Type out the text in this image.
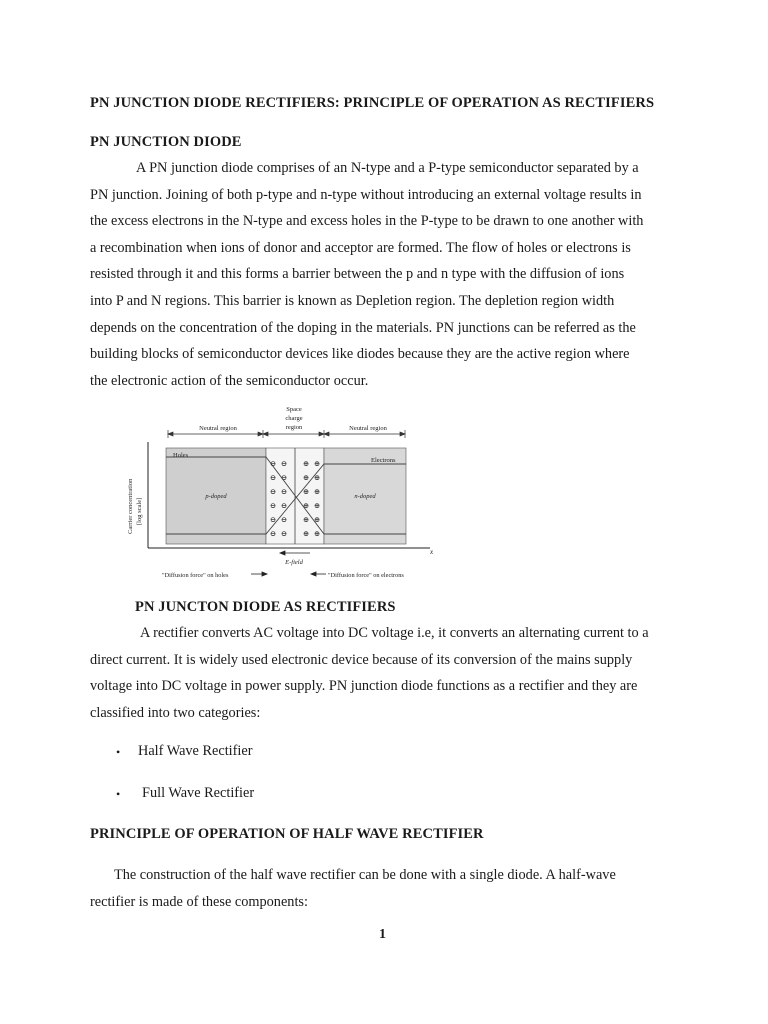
PN JUNCTION DIODE RECTIFIERS: PRINCIPLE OF OPERATION AS RECTIFIERS
PN JUNCTION DIODE
A PN junction diode comprises of an N-type and a P-type semiconductor separated by a
PN junction. Joining of both p-type and n-type without introducing an external voltage results in
the excess electrons in the N-type and excess holes in the P-type to be drawn to one another with
a recombination when ions of donor and acceptor are formed. The flow of holes or electrons is
resisted through it and this forms a barrier between the p and n type with the diffusion of ions
into P and N regions. This barrier is known as Depletion region. The depletion region width
depends on the concentration of the doping in the materials. PN junctions can be referred as the
building blocks of semiconductor devices like diodes because they are the active region where
the electronic action of the semiconductor occur.
Space
charge
region
Neutral region	Neutral region
x
Carrier concentration [log scale]
Holes
Electrons
p-doped	n-doped
⊖ ⊖
⊖ ⊖
⊖ ⊖
⊖ ⊖
⊖ ⊖
⊖ ⊖
⊕ ⊕
⊕ ⊕
⊕ ⊕
⊕ ⊕
⊕ ⊕
⊕ ⊕
E-field
"Diffusion force" on holes	"Diffusion force" on electrons
PN JUNCTON DIODE AS RECTIFIERS
A rectifier converts AC voltage into DC voltage i.e, it converts an alternating current to a
direct current. It is widely used electronic device because of its conversion of the mains supply
voltage into DC voltage in power supply. PN junction diode functions as a rectifier and they are
classified into two categories:
• Half Wave Rectifier
• Full Wave Rectifier
PRINCIPLE OF OPERATION OF HALF WAVE RECTIFIER
The construction of the half wave rectifier can be done with a single diode. A half-wave
rectifier is made of these components:
1
